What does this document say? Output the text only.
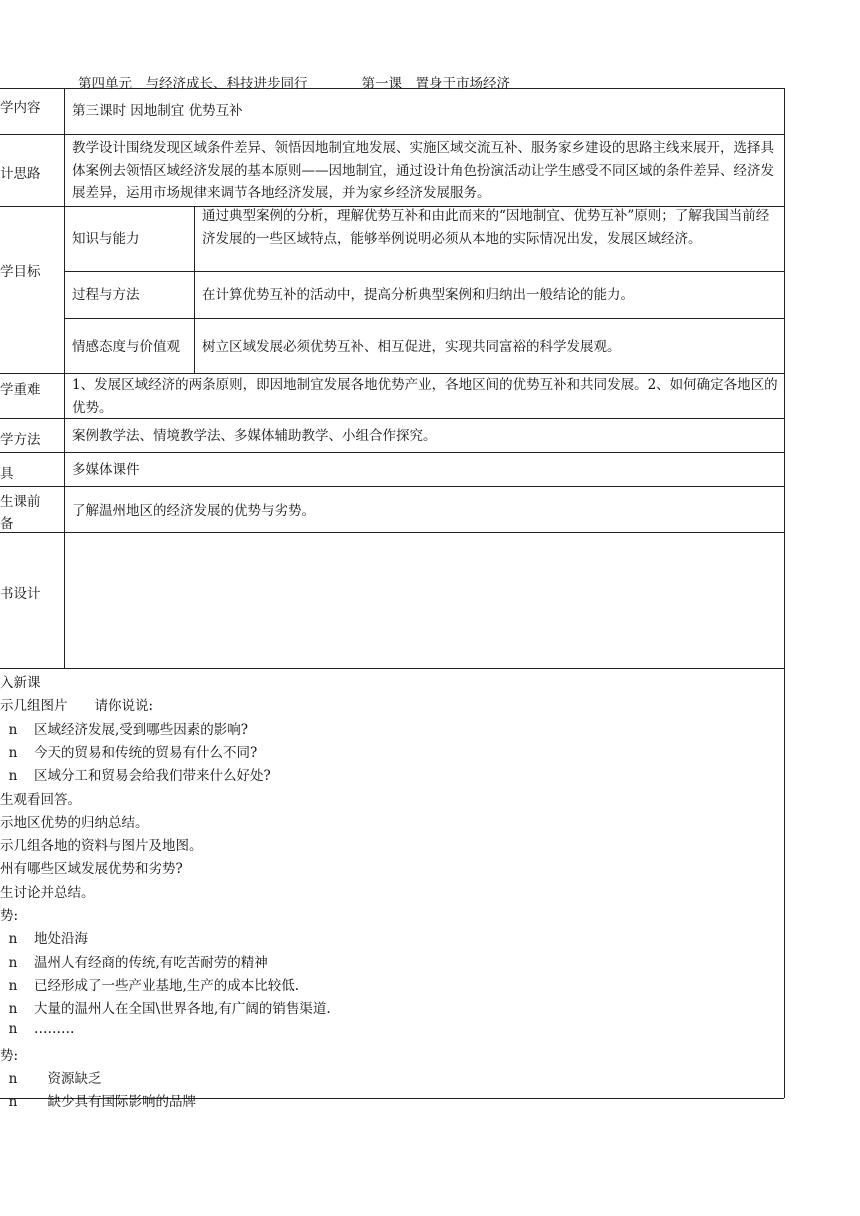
第四单元　与经济成长、科技进步同行　　　　第一课　置身于市场经济
学内容 第三课时 因地制宜 优势互补
计思路
教学设计围绕发现区域条件差异、领悟因地制宜地发展、实施区域交流互补、服务家乡建设的思路主线来展开，选择具体案例去领悟区域经济发展的基本原则——因地制宜，通过设计角色扮演活动让学生感受不同区域的条件差异、经济发展差异，运用市场规律来调节各地经济发展，并为家乡经济发展服务。
学目标
知识与能力
通过典型案例的分析，理解优势互补和由此而来的“因地制宜、优势互补”原则；了解我国当前经济发展的一些区域特点，能够举例说明必须从本地的实际情况出发，发展区域经济。
过程与方法	在计算优势互补的活动中，提高分析典型案例和归纳出一般结论的能力。
情感态度与价值观 树立区域发展必须优势互补、相互促进，实现共同富裕的科学发展观。
学重难 1、发展区域经济的两条原则，即因地制宜发展各地优势产业，各地区间的优势互补和共同发展。2、如何确定各地区的优势。
学方法 案例教学法、情境教学法、多媒体辅助教学、小组合作探究。
具	多媒体课件
生课前
备
了解温州地区的经济发展的优势与劣势。
书设计
入新课
示几组图片　　请你说说:
n 区域经济发展,受到哪些因素的影响?
n 今天的贸易和传统的贸易有什么不同?
n 区域分工和贸易会给我们带来什么好处?
生观看回答。
示地区优势的归纳总结。
示几组各地的资料与图片及地图。
州有哪些区域发展优势和劣势?
生讨论并总结。
势:
n 地处沿海
n 温州人有经商的传统,有吃苦耐劳的精神
n 已经形成了一些产业基地,生产的成本比较低.
n 大量的温州人在全国\世界各地,有广阔的销售渠道.
n ………
势:
n　资源缺乏
n　缺少具有国际影响的品牌
